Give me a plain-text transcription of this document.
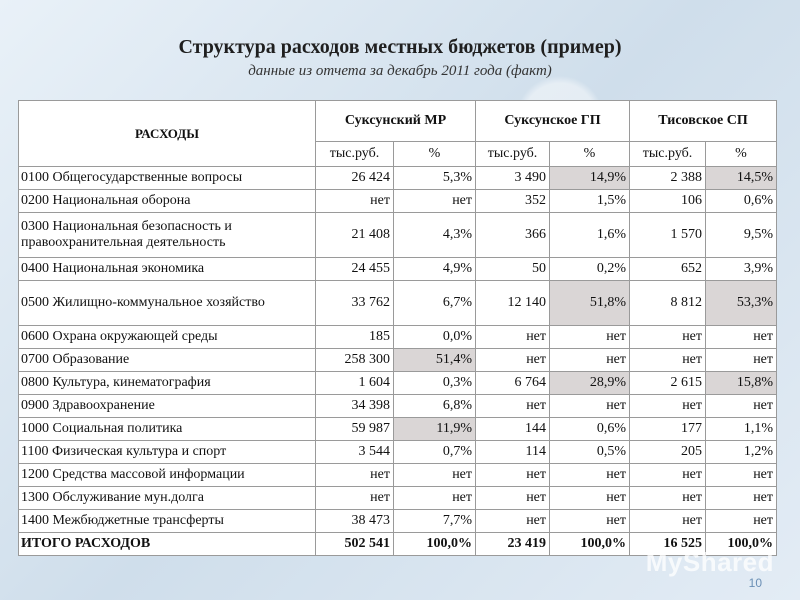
Структура расходов местных бюджетов (пример)
данные из отчета за декабрь 2011 года (факт)
РАСХОДЫ	Суксунский МР		Суксунское ГП		Тисовское СП	
	тыс.руб.	%	тыс.руб.	%	тыс.руб.	%
0100 Общегосударственные вопросы	26 424	5,3%	3 490	14,9%	2 388	14,5%
0200 Национальная оборона	нет	нет	352	1,5%	106	0,6%
0300 Национальная безопасность и правоохранительная деятельность	21 408	4,3%	366	1,6%	1 570	9,5%
0400 Национальная экономика	24 455	4,9%	50	0,2%	652	3,9%
0500 Жилищно-коммунальное хозяйство	33 762	6,7%	12 140	51,8%	8 812	53,3%
0600 Охрана окружающей среды	185	0,0%	нет	нет	нет	нет
0700 Образование	258 300	51,4%	нет	нет	нет	нет
0800 Культура, кинематография	1 604	0,3%	6 764	28,9%	2 615	15,8%
0900 Здравоохранение	34 398	6,8%	нет	нет	нет	нет
1000 Социальная политика	59 987	11,9%	144	0,6%	177	1,1%
1100 Физическая культура и спорт	3 544	0,7%	114	0,5%	205	1,2%
1200 Средства массовой информации	нет	нет	нет	нет	нет	нет
1300 Обслуживание мун.долга	нет	нет	нет	нет	нет	нет
1400 Межбюджетные трансферты	38 473	7,7%	нет	нет	нет	нет
ИТОГО РАСХОДОВ	502 541	100,0%	23 419	100,0%	16 525	100,0%
MyShared
10
